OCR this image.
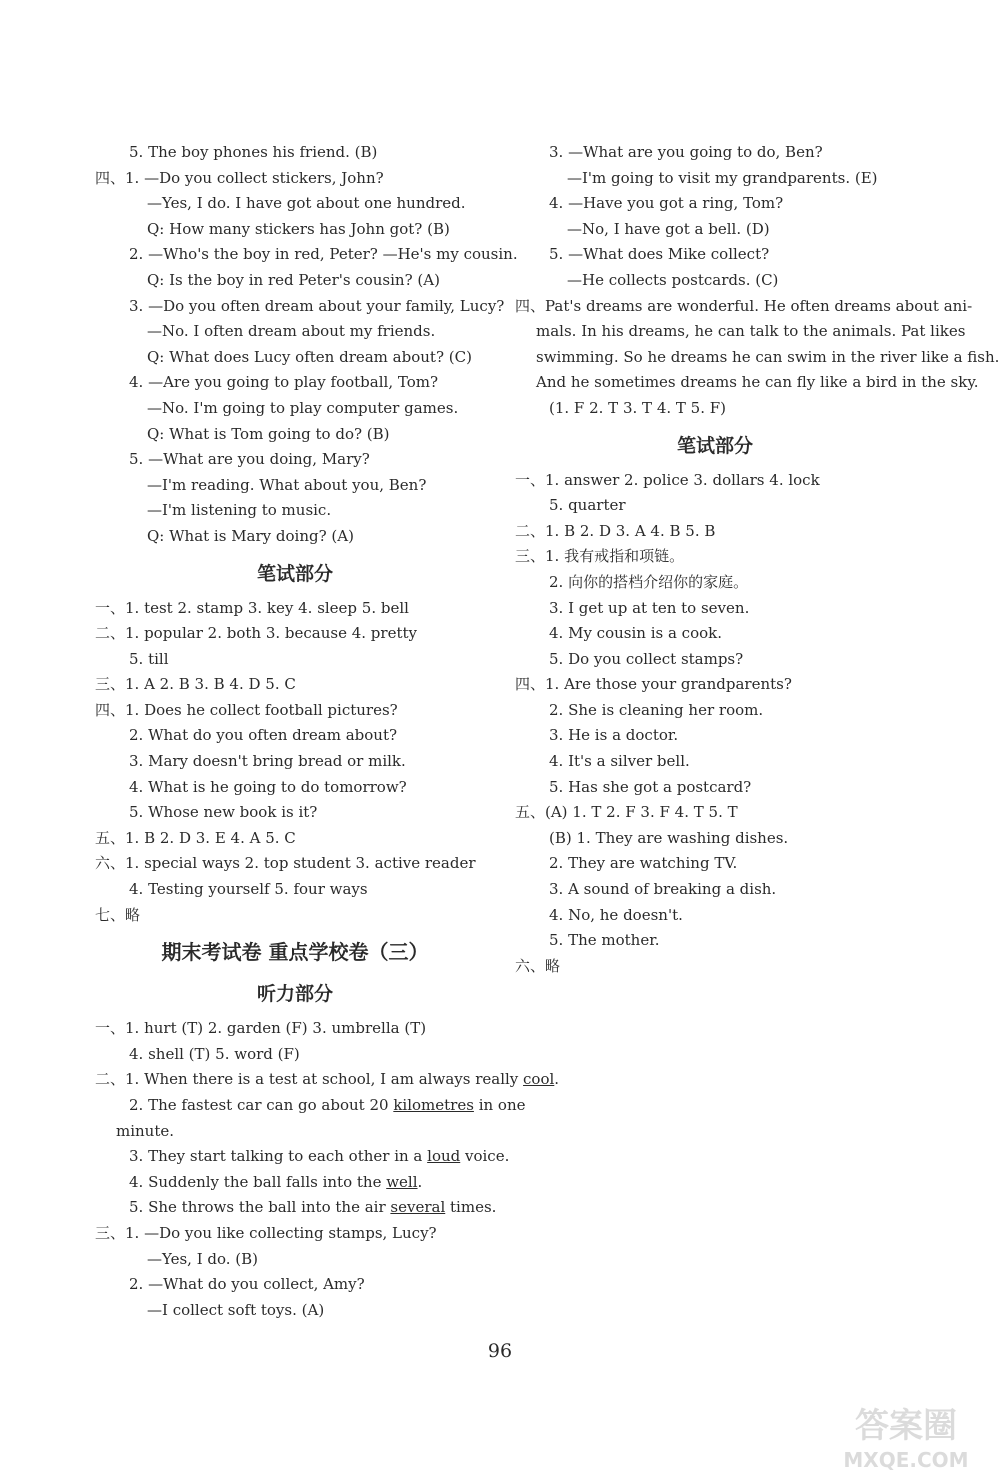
5. The boy phones his friend. (B)
四、1. —Do you collect stickers, John?
—Yes, I do. I have got about one hundred.
Q: How many stickers has John got? (B)
2. —Who's the boy in red, Peter? —He's my cousin.
Q: Is the boy in red Peter's cousin? (A)
3. —Do you often dream about your family, Lucy?
—No. I often dream about my friends.
Q: What does Lucy often dream about? (C)
4. —Are you going to play football, Tom?
—No. I'm going to play computer games.
Q: What is Tom going to do? (B)
5. —What are you doing, Mary?
—I'm reading. What about you, Ben?
—I'm listening to music.
Q: What is Mary doing? (A)
笔试部分
一、1. test 2. stamp 3. key 4. sleep 5. bell
二、1. popular 2. both 3. because 4. pretty
5. till
三、1. A 2. B 3. B 4. D 5. C
四、1. Does he collect football pictures?
2. What do you often dream about?
3. Mary doesn't bring bread or milk.
4. What is he going to do tomorrow?
5. Whose new book is it?
五、1. B 2. D 3. E 4. A 5. C
六、1. special ways 2. top student 3. active reader
4. Testing yourself 5. four ways
七、略
期末考试卷 重点学校卷（三）
听力部分
一、1. hurt (T) 2. garden (F) 3. umbrella (T)
4. shell (T) 5. word (F)
二、1. When there is a test at school, I am always really cool.
2. The fastest car can go about 20 kilometres in one
minute.
3. They start talking to each other in a loud voice.
4. Suddenly the ball falls into the well.
5. She throws the ball into the air several times.
三、1. —Do you like collecting stamps, Lucy?
—Yes, I do. (B)
2. —What do you collect, Amy?
—I collect soft toys. (A)
3. —What are you going to do, Ben?
—I'm going to visit my grandparents. (E)
4. —Have you got a ring, Tom?
—No, I have got a bell. (D)
5. —What does Mike collect?
—He collects postcards. (C)
四、Pat's dreams are wonderful. He often dreams about ani-
mals. In his dreams, he can talk to the animals. Pat likes
swimming. So he dreams he can swim in the river like a fish.
And he sometimes dreams he can fly like a bird in the sky.
(1. F 2. T 3. T 4. T 5. F)
笔试部分
一、1. answer 2. police 3. dollars 4. lock
5. quarter
二、1. B 2. D 3. A 4. B 5. B
三、1. 我有戒指和项链。
2. 向你的搭档介绍你的家庭。
3. I get up at ten to seven.
4. My cousin is a cook.
5. Do you collect stamps?
四、1. Are those your grandparents?
2. She is cleaning her room.
3. He is a doctor.
4. It's a silver bell.
5. Has she got a postcard?
五、(A) 1. T 2. F 3. F 4. T 5. T
(B) 1. They are washing dishes.
2. They are watching TV.
3. A sound of breaking a dish.
4. No, he doesn't.
5. The mother.
六、略
96
答案圈
MXQE.COM
